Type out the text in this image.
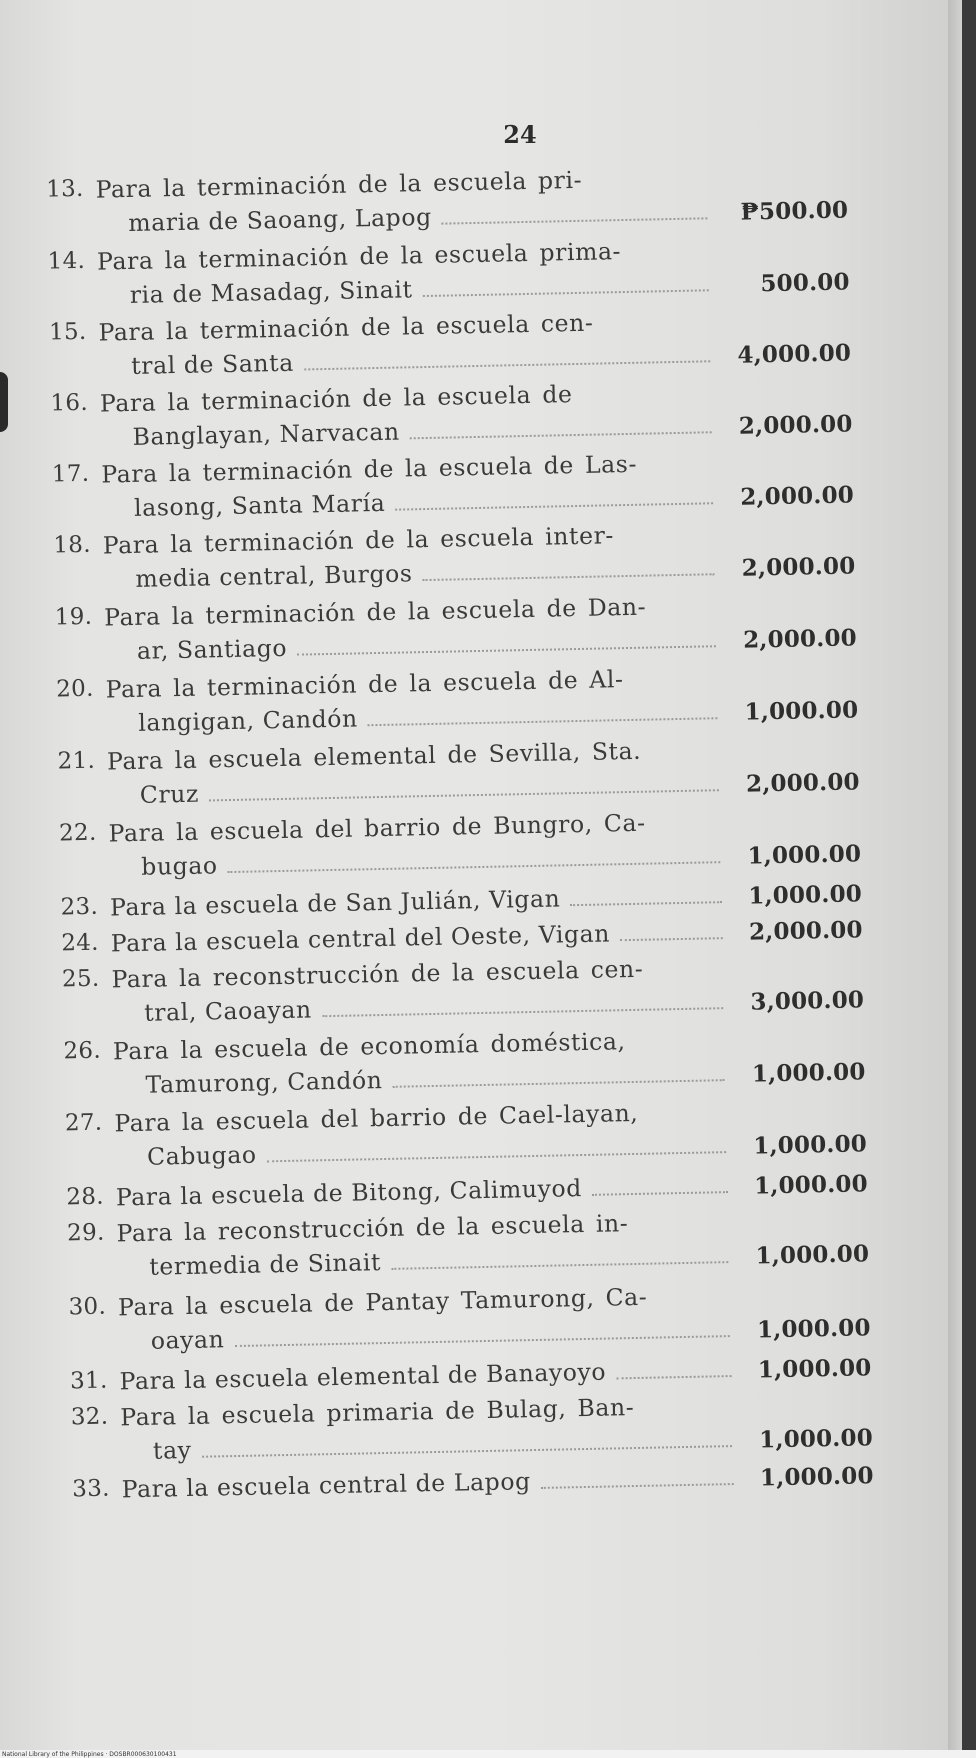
24
13. Para la terminación de la escuela pri-
maria de Saoang, Lapog	₱500.00
14. Para la terminación de la escuela prima-
ria de Masadag, Sinait	500.00
15. Para la terminación de la escuela cen-
tral de Santa	4,000.00
16. Para la terminación de la escuela de
Banglayan, Narvacan	2,000.00
17. Para la terminación de la escuela de Las-
lasong, Santa María	2,000.00
18. Para la terminación de la escuela inter-
media central, Burgos	2,000.00
19. Para la terminación de la escuela de Dan-
ar, Santiago	2,000.00
20. Para la terminación de la escuela de Al-
langigan, Candón	1,000.00
21. Para la escuela elemental de Sevilla, Sta.
Cruz	2,000.00
22. Para la escuela del barrio de Bungro, Ca-
bugao	1,000.00
23. Para la escuela de San Julián, Vigan	1,000.00
24. Para la escuela central del Oeste, Vigan	2,000.00
25. Para la reconstrucción de la escuela cen-
tral, Caoayan	3,000.00
26. Para la escuela de economía doméstica,
Tamurong, Candón	1,000.00
27. Para la escuela del barrio de Cael-layan,
Cabugao	1,000.00
28. Para la escuela de Bitong, Calimuyod	1,000.00
29. Para la reconstrucción de la escuela in-
termedia de Sinait	1,000.00
30. Para la escuela de Pantay Tamurong, Ca-
oayan	1,000.00
31. Para la escuela elemental de Banayoyo	1,000.00
32. Para la escuela primaria de Bulag, Ban-
tay	1,000.00
33. Para la escuela central de Lapog	1,000.00
National Library of the Philippines · DOSBR000630100431
